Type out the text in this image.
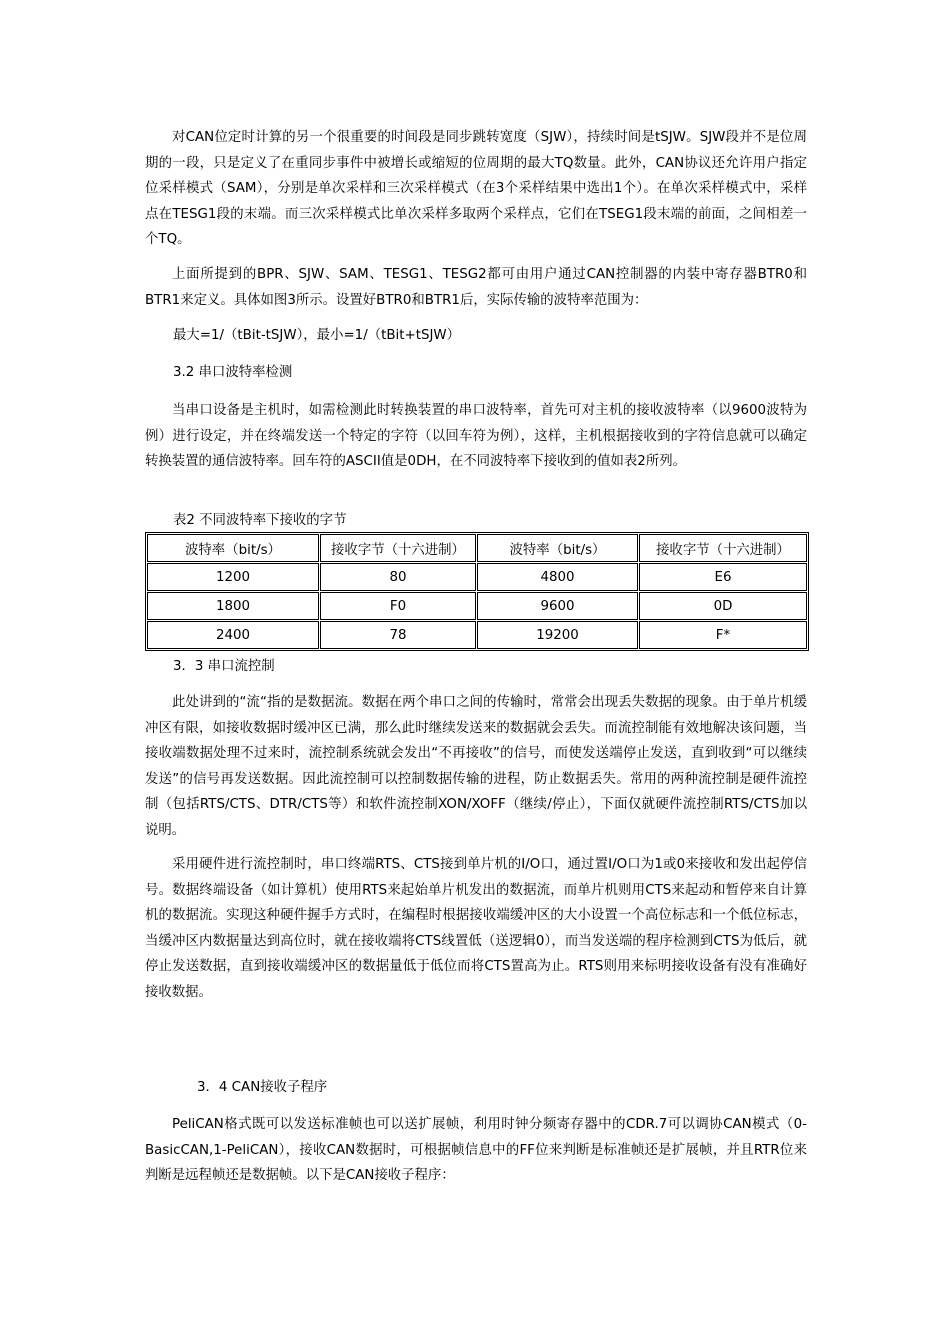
对CAN位定时计算的另一个很重要的时间段是同步跳转宽度（SJW），持续时间是tSJW。SJW段并不是位周期的一段，只是定义了在重同步事件中被增长或缩短的位周期的最大TQ数量。此外，CAN协议还允许用户指定位采样模式（SAM），分别是单次采样和三次采样模式（在3个采样结果中选出1个）。在单次采样模式中，采样点在TESG1段的末端。而三次采样模式比单次采样多取两个采样点，它们在TSEG1段末端的前面，之间相差一个TQ。

上面所提到的BPR、SJW、SAM、TESG1、TESG2都可由用户通过CAN控制器的内装中寄存器BTR0和BTR1来定义。具体如图3所示。设置好BTR0和BTR1后，实际传输的波特率范围为：

最大=1/（tBit-tSJW），最小=1/（tBit+tSJW）

3.2 串口波特率检测

当串口设备是主机时，如需检测此时转换装置的串口波特率，首先可对主机的接收波特率（以9600波特为例）进行设定，并在终端发送一个特定的字符（以回车符为例），这样，主机根据接收到的字符信息就可以确定转换装置的通信波特率。回车符的ASCII值是0DH，在不同波特率下接收到的值如表2所列。

表2 不同波特率下接收的字节

波特率（bit/s）	接收字节（十六进制）	波特率（bit/s）	接收字节（十六进制）
1200	80	4800	E6
1800	F0	9600	0D
2400	78	19200	F*

3．3 串口流控制

此处讲到的“流“指的是数据流。数据在两个串口之间的传输时，常常会出现丢失数据的现象。由于单片机缓冲区有限，如接收数据时缓冲区已满，那么此时继续发送来的数据就会丢失。而流控制能有效地解决该问题，当接收端数据处理不过来时，流控制系统就会发出“不再接收”的信号，而使发送端停止发送，直到收到“可以继续发送”的信号再发送数据。因此流控制可以控制数据传输的进程，防止数据丢失。常用的两种流控制是硬件流控制（包括RTS/CTS、DTR/CTS等）和软件流控制XON/XOFF（继续/停止），下面仅就硬件流控制RTS/CTS加以说明。

采用硬件进行流控制时，串口终端RTS、CTS接到单片机的I/O口，通过置I/O口为1或0来接收和发出起停信号。数据终端设备（如计算机）使用RTS来起始单片机发出的数据流，而单片机则用CTS来起动和暂停来自计算机的数据流。实现这种硬件握手方式时，在编程时根据接收端缓冲区的大小设置一个高位标志和一个低位标志，当缓冲区内数据量达到高位时，就在接收端将CTS线置低（送逻辑0），而当发送端的程序检测到CTS为低后，就停止发送数据，直到接收端缓冲区的数据量低于低位而将CTS置高为止。RTS则用来标明接收设备有没有准确好接收数据。

3．4 CAN接收子程序

PeliCAN格式既可以发送标准帧也可以送扩展帧，利用时钟分频寄存器中的CDR.7可以调协CAN模式（0-BasicCAN,1-PeliCAN），接收CAN数据时，可根据帧信息中的FF位来判断是标准帧还是扩展帧，并且RTR位来判断是远程帧还是数据帧。以下是CAN接收子程序：
